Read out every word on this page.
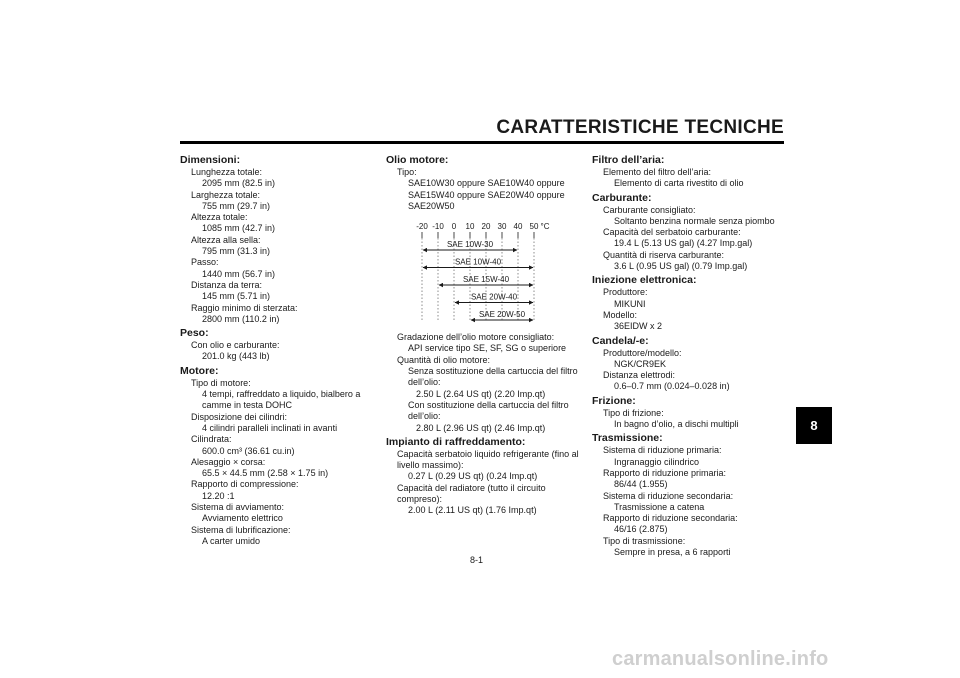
CARATTERISTICHE TECNICHE
Dimensioni:
Lunghezza totale:
2095 mm (82.5 in)
Larghezza totale:
755 mm (29.7 in)
Altezza totale:
1085 mm (42.7 in)
Altezza alla sella:
795 mm (31.3 in)
Passo:
1440 mm (56.7 in)
Distanza da terra:
145 mm (5.71 in)
Raggio minimo di sterzata:
2800 mm (110.2 in)
Peso:
Con olio e carburante:
201.0 kg (443 lb)
Motore:
Tipo di motore:
4 tempi, raffreddato a liquido, bialbero a
camme in testa DOHC
Disposizione dei cilindri:
4 cilindri paralleli inclinati in avanti
Cilindrata:
600.0 cm³ (36.61 cu.in)
Alesaggio × corsa:
65.5 × 44.5 mm (2.58 × 1.75 in)
Rapporto di compressione:
12.20 :1
Sistema di avviamento:
Avviamento elettrico
Sistema di lubrificazione:
A carter umido
Olio motore:
Tipo:
SAE10W30 oppure SAE10W40 oppure
SAE15W40 oppure SAE20W40 oppure
SAE20W50
-20 -10 0 10 20 30 40 50 °C
SAE 10W-30
SAE 10W-40
SAE 15W-40
SAE 20W-40
SAE 20W-50
Gradazione dell’olio motore consigliato:
API service tipo SE, SF, SG o superiore
Quantità di olio motore:
Senza sostituzione della cartuccia del filtro
dell’olio:
2.50 L (2.64 US qt) (2.20 Imp.qt)
Con sostituzione della cartuccia del filtro
dell’olio:
2.80 L (2.96 US qt) (2.46 Imp.qt)
Impianto di raffreddamento:
Capacità serbatoio liquido refrigerante (fino al
livello massimo):
0.27 L (0.29 US qt) (0.24 Imp.qt)
Capacità del radiatore (tutto il circuito
compreso):
2.00 L (2.11 US qt) (1.76 Imp.qt)
Filtro dell’aria:
Elemento del filtro dell’aria:
Elemento di carta rivestito di olio
Carburante:
Carburante consigliato:
Soltanto benzina normale senza piombo
Capacità del serbatoio carburante:
19.4 L (5.13 US gal) (4.27 Imp.gal)
Quantità di riserva carburante:
3.6 L (0.95 US gal) (0.79 Imp.gal)
Iniezione elettronica:
Produttore:
MIKUNI
Modello:
36EIDW x 2
Candela/-e:
Produttore/modello:
NGK/CR9EK
Distanza elettrodi:
0.6–0.7 mm (0.024–0.028 in)
Frizione:
Tipo di frizione:
In bagno d’olio, a dischi multipli
Trasmissione:
Sistema di riduzione primaria:
Ingranaggio cilindrico
Rapporto di riduzione primaria:
86/44 (1.955)
Sistema di riduzione secondaria:
Trasmissione a catena
Rapporto di riduzione secondaria:
46/16 (2.875)
Tipo di trasmissione:
Sempre in presa, a 6 rapporti
8
8-1
carmanualsonline.info
